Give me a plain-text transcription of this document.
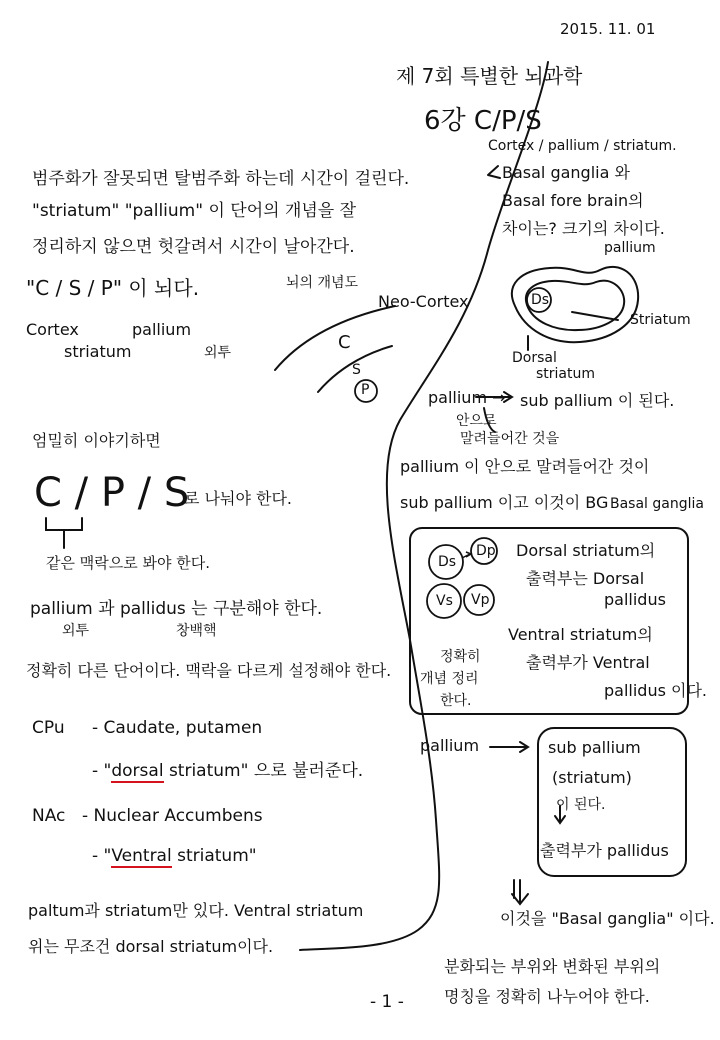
2015. 11. 01
제 7회 특별한 뇌과학
6강 C/P/S
범주화가 잘못되면 탈범주화 하는데 시간이 걸린다.
"striatum" "pallium" 이 단어의 개념을 잘
정리하지 않으면 헛갈려서 시간이 날아간다.
"C / S / P" 이 뇌다.	뇌의 개념도
Cortex	pallium
striatum	외투
Neo-Cortex
C
S
P
엄밀히 이야기하면
C / P / S
로 나눠야 한다.
같은 맥락으로 봐야 한다.
pallium 과 pallidus 는 구분해야 한다.
외투	창백핵
정확히 다른 단어이다. 맥락을 다르게 설정해야 한다.
CPu - Caudate, putamen
- "dorsal striatum" 으로 불러준다.
NAc - Nuclear Accumbens
- "Ventral striatum"
paltum과 striatum만 있다. Ventral striatum
위는 무조건 dorsal striatum이다.
Cortex / pallium / striatum.
Basal ganglia 와
Basal fore brain의
차이는? 크기의 차이다.
pallium
Ds
Striatum
Dorsal
striatum
pallium → sub pallium 이 된다.
안으로
말려들어간 것을
pallium 이 안으로 말려들어간 것이
sub pallium 이고 이것이 BG Basal ganglia
Ds
Dp
Vs Vp
Dorsal striatum의
출력부는 Dorsal
pallidus
Ventral striatum의
출력부가 Ventral
pallidus 이다.
정확히
개념 정리
한다.
pallium	sub pallium
(striatum)
이 된다.
출력부가 pallidus
이것을 "Basal ganglia" 이다.
분화되는 부위와 변화된 부위의
명칭을 정확히 나누어야 한다.
- 1 -
